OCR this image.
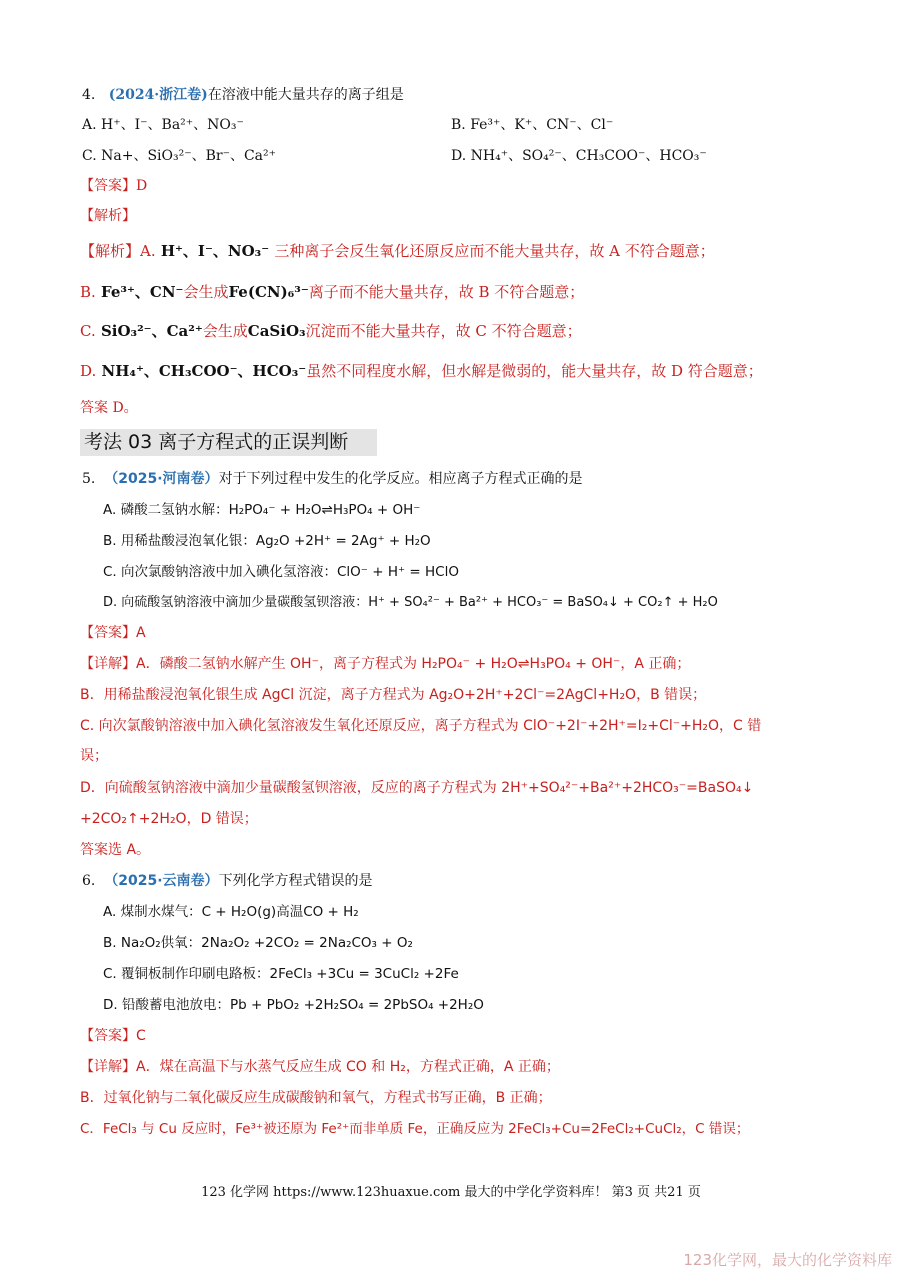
4. (2024·浙江卷)在溶液中能大量共存的离子组是
A. H⁺、I⁻、Ba²⁺、NO₃⁻	B. Fe³⁺、K⁺、CN⁻、Cl⁻
C. Na+、SiO₃²⁻、Br⁻、Ca²⁺	D. NH₄⁺、SO₄²⁻、CH₃COO⁻、HCO₃⁻
【答案】D
【解析】
【解析】A. H⁺、I⁻、NO₃⁻ 三种离子会反生氧化还原反应而不能大量共存，故 A 不符合题意；
B. Fe³⁺、CN⁻会生成Fe(CN)₆³⁻离子而不能大量共存，故 B 不符合题意；
C. SiO₃²⁻、Ca²⁺会生成CaSiO₃沉淀而不能大量共存，故 C 不符合题意；
D. NH₄⁺、CH₃COO⁻、HCO₃⁻虽然不同程度水解，但水解是微弱的，能大量共存，故 D 符合题意；
答案 D。
考法 03 离子方程式的正误判断
5. （2025·河南卷）对于下列过程中发生的化学反应。相应离子方程式正确的是
A. 磷酸二氢钠水解：H₂PO₄⁻ + H₂O⇌H₃PO₄ + OH⁻
B. 用稀盐酸浸泡氧化银：Ag₂O +2H⁺ = 2Ag⁺ + H₂O
C. 向次氯酸钠溶液中加入碘化氢溶液：ClO⁻ + H⁺ = HClO
D. 向硫酸氢钠溶液中滴加少量碳酸氢钡溶液：H⁺ + SO₄²⁻ + Ba²⁺ + HCO₃⁻ = BaSO₄↓ + CO₂↑ + H₂O
【答案】A
【详解】A．磷酸二氢钠水解产生 OH⁻，离子方程式为 H₂PO₄⁻ + H₂O⇌H₃PO₄ + OH⁻，A 正确；
B．用稀盐酸浸泡氧化银生成 AgCl 沉淀，离子方程式为 Ag₂O+2H⁺+2Cl⁻=2AgCl+H₂O，B 错误；
C. 向次氯酸钠溶液中加入碘化氢溶液发生氧化还原反应，离子方程式为 ClO⁻+2I⁻+2H⁺=I₂+Cl⁻+H₂O，C 错
误；
D．向硫酸氢钠溶液中滴加少量碳酸氢钡溶液，反应的离子方程式为 2H⁺+SO₄²⁻+Ba²⁺+2HCO₃⁻=BaSO₄↓
+2CO₂↑+2H₂O，D 错误；
答案选 A。
6. （2025·云南卷）下列化学方程式错误的是
A. 煤制水煤气：C + H₂O(g)高温CO + H₂
B. Na₂O₂供氧：2Na₂O₂ +2CO₂ = 2Na₂CO₃ + O₂
C. 覆铜板制作印刷电路板：2FeCl₃ +3Cu = 3CuCl₂ +2Fe
D. 铅酸蓄电池放电：Pb + PbO₂ +2H₂SO₄ = 2PbSO₄ +2H₂O
【答案】C
【详解】A．煤在高温下与水蒸气反应生成 CO 和 H₂，方程式正确，A 正确；
B．过氧化钠与二氧化碳反应生成碳酸钠和氧气，方程式书写正确，B 正确；
C．FeCl₃ 与 Cu 反应时，Fe³⁺被还原为 Fe²⁺而非单质 Fe，正确反应为 2FeCl₃+Cu=2FeCl₂+CuCl₂，C 错误；
123 化学网 https://www.123huaxue.com 最大的中学化学资料库！ 第3 页 共21 页
123化学网，最大的化学资料库
